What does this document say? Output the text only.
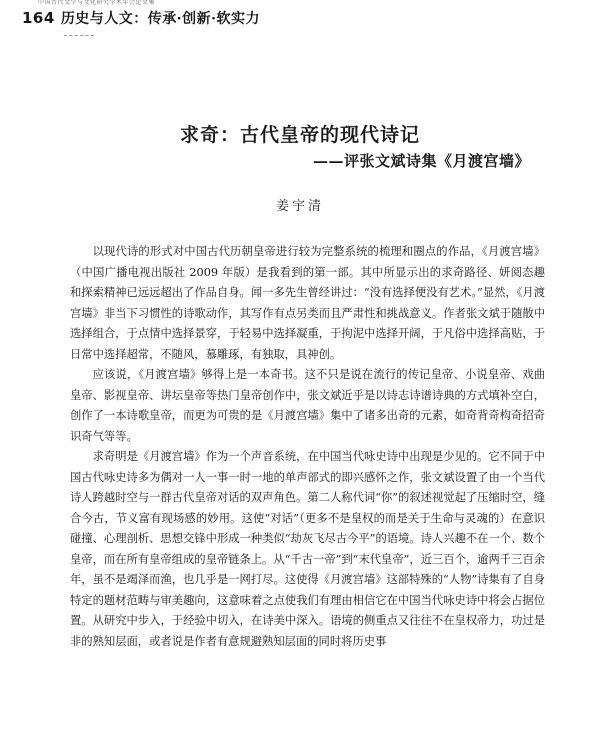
中国古代文学与文化研究学术年会论文集
164 历史与人文：传承·创新·软实力
求奇：古代皇帝的现代诗记
——评张文斌诗集《月渡宫墙》
姜宇清

以现代诗的形式对中国古代历朝皇帝进行较为完整系统的梳理和圈点的作品，《月渡宫墙》（中国广播电视出版社 2009 年版）是我看到的第一部。其中所显示出的求奇路径、妍阅态趣和探索精神已远远超出了作品自身。闻一多先生曾经讲过：“没有选择便没有艺术。”显然，《月渡宫墙》非当下习惯性的诗歌动作，其写作有点另类而且严肃性和挑战意义。作者张文斌于随散中选择组合，于点情中选择景穿，于轻易中选择凝重，于拘泥中选择开阔，于凡俗中选择高贴，于日常中选择超常，不随风，慕雕琢，有独取，具神创。

应该说，《月渡宫墙》够得上是一本奇书。这不只是说在流行的传记皇帝、小说皇帝、戏曲皇帝、影视皇帝、讲坛皇帝等热门皇帝创作中，张文斌近乎是以诗志诗谱诗典的方式填补空白，创作了一本诗歌皇帝，而更为可贵的是《月渡宫墙》集中了诸多出奇的元素，如奇背奇构奇招奇识奇气等等。

求奇明是《月渡宫墙》作为一个声音系统，在中国当代咏史诗中出现是少见的。它不同于中国古代咏史诗多为偶对一人一事一时一地的单声部式的即兴感怀之作，张文斌设置了由一个当代诗人跨越时空与一群古代皇帝对话的双声角色。第二人称代词“你”的叙述视觉起了压缩时空，缝合今古，节义富有现场感的妙用。这使“对话”（更多不是皇权的而是关于生命与灵魂的）在意识碰撞、心理剖析、思想交锋中形成一种类似“劫灰飞尽古今平”的语境。诗人兴趣不在一个、数个皇帝，而在所有皇帝组成的皇帝链条上。从“千古一帝”到“末代皇帝”，近三百个，逾两千三百余年，虽不是竭泽而渔，也几乎是一网打尽。这使得《月渡宫墙》这部特殊的“人物”诗集有了自身特定的题材范畴与审美趣向，这意味着之点使我们有理由相信它在中国当代咏史诗中将会占据位置。从研究中步入，于经验中切入，在诗美中深入。语境的侧重点又往往不在皇权帝力，功过是非的熟知层面，或者说是作者有意规避熟知层面的同时将历史事
